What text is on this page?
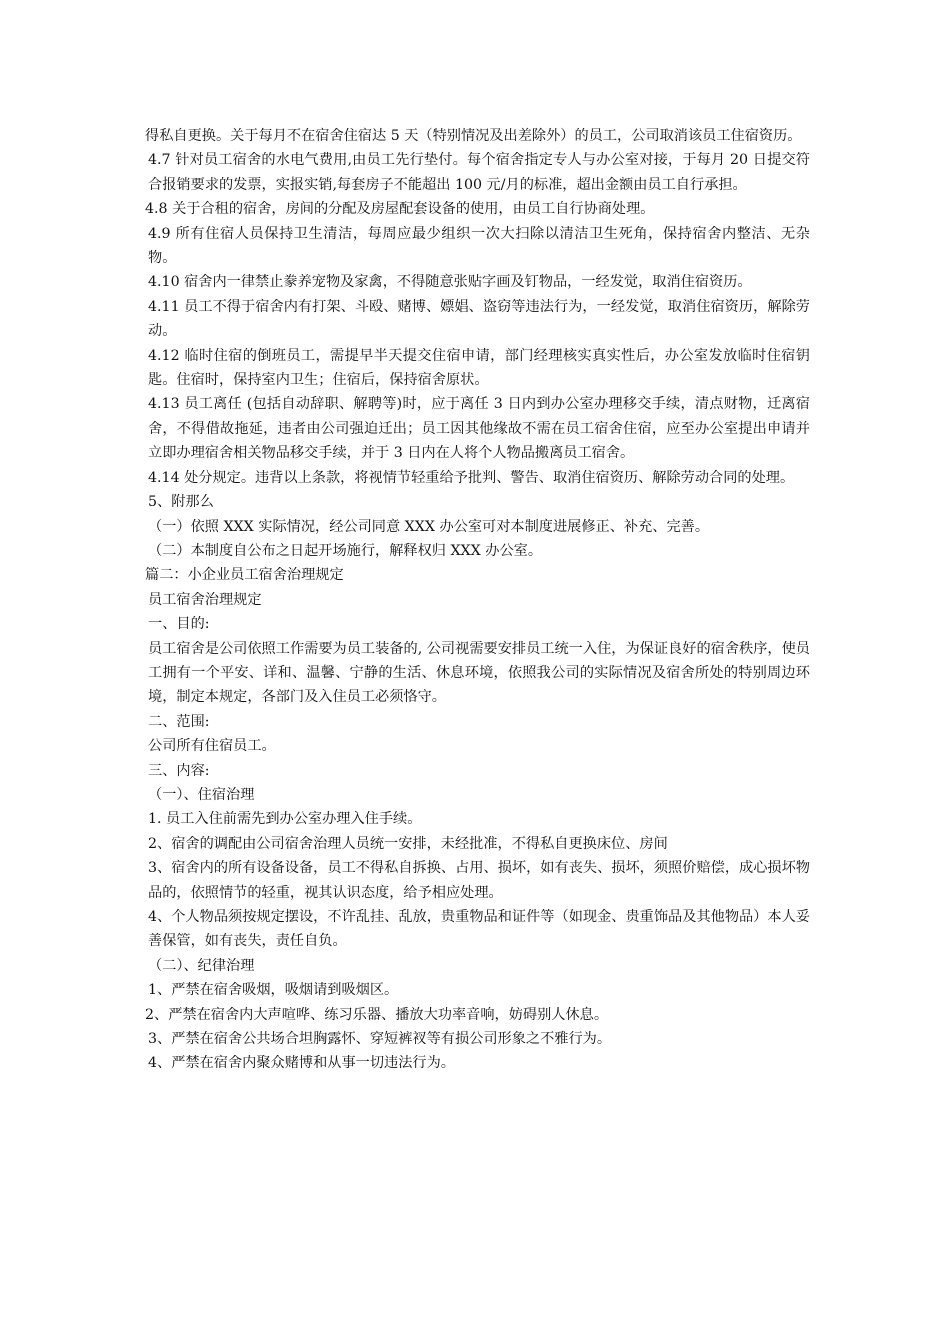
得私自更换。关于每月不在宿舍住宿达 5 天（特别情况及出差除外）的员工，公司取消该员工住宿资历。

4.7 针对员工宿舍的水电气费用,由员工先行垫付。每个宿舍指定专人与办公室对接，于每月 20 日提交符合报销要求的发票，实报实销,每套房子不能超出 100 元/月的标准，超出金额由员工自行承担。

4.8 关于合租的宿舍，房间的分配及房屋配套设备的使用，由员工自行协商处理。

4.9 所有住宿人员保持卫生清洁，每周应最少组织一次大扫除以清洁卫生死角，保持宿舍内整洁、无杂物。

4.10 宿舍内一律禁止豢养宠物及家禽，不得随意张贴字画及钉物品，一经发觉，取消住宿资历。

4.11 员工不得于宿舍内有打架、斗殴、赌博、嫖娼、盗窃等违法行为，一经发觉，取消住宿资历，解除劳动。

4.12 临时住宿的倒班员工，需提早半天提交住宿申请，部门经理核实真实性后，办公室发放临时住宿钥匙。住宿时，保持室内卫生；住宿后，保持宿舍原状。

4.13 员工离任 (包括自动辞职、解聘等)时，应于离任 3 日内到办公室办理移交手续，清点财物，迁离宿舍，不得借故拖延，违者由公司强迫迁出；员工因其他缘故不需在员工宿舍住宿，应至办公室提出申请并立即办理宿舍相关物品移交手续，并于 3 日内在人将个人物品搬离员工宿舍。

4.14 处分规定。违背以上条款，将视情节轻重给予批判、警告、取消住宿资历、解除劳动合同的处理。

5、附那么

（一）依照 XXX 实际情况，经公司同意 XXX 办公室可对本制度进展修正、补充、完善。

（二）本制度自公布之日起开场施行，解释权归 XXX 办公室。

篇二：小企业员工宿舍治理规定

员工宿舍治理规定

一、目的:

员工宿舍是公司依照工作需要为员工装备的, 公司视需要安排员工统一入住，为保证良好的宿舍秩序，使员工拥有一个平安、详和、温馨、宁静的生活、休息环境，依照我公司的实际情况及宿舍所处的特别周边环境，制定本规定，各部门及入住员工必须恪守。

二、范围:

公司所有住宿员工。

三、内容:

（一）、住宿治理

1. 员工入住前需先到办公室办理入住手续。

2、宿舍的调配由公司宿舍治理人员统一安排，未经批准，不得私自更换床位、房间

3、宿舍内的所有设备设备，员工不得私自拆换、占用、损坏，如有丧失、损坏，须照价赔偿，成心损坏物品的，依照情节的轻重，视其认识态度，给予相应处理。

4、个人物品须按规定摆设，不许乱挂、乱放，贵重物品和证件等（如现金、贵重饰品及其他物品）本人妥善保管，如有丧失，责任自负。

（二）、纪律治理

1、严禁在宿舍吸烟，吸烟请到吸烟区。

2、严禁在宿舍内大声喧哗、练习乐器、播放大功率音响，妨碍别人休息。

3、严禁在宿舍公共场合坦胸露怀、穿短裤衩等有损公司形象之不雅行为。

4、严禁在宿舍内聚众赌博和从事一切违法行为。
